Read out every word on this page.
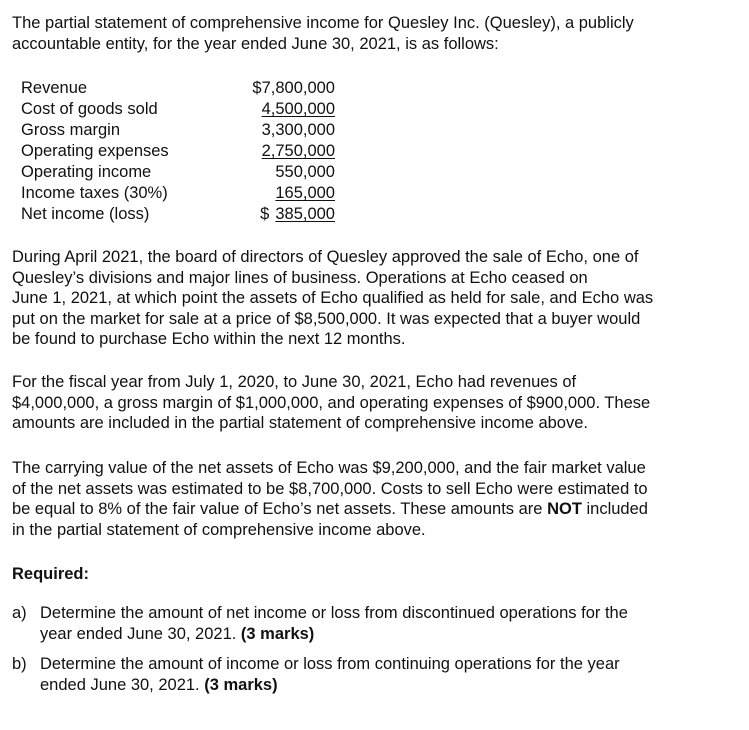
The partial statement of comprehensive income for Quesley Inc. (Quesley), a publicly
accountable entity, for the year ended June 30, 2021, is as follows:

Revenue	$7,800,000
Cost of goods sold	4,500,000
Gross margin	3,300,000
Operating expenses	2,750,000
Operating income	550,000
Income taxes (30%)	165,000
Net income (loss)	$ 385,000

During April 2021, the board of directors of Quesley approved the sale of Echo, one of
Quesley’s divisions and major lines of business. Operations at Echo ceased on
June 1, 2021, at which point the assets of Echo qualified as held for sale, and Echo was
put on the market for sale at a price of $8,500,000. It was expected that a buyer would
be found to purchase Echo within the next 12 months.

For the fiscal year from July 1, 2020, to June 30, 2021, Echo had revenues of
$4,000,000, a gross margin of $1,000,000, and operating expenses of $900,000. These
amounts are included in the partial statement of comprehensive income above.

The carrying value of the net assets of Echo was $9,200,000, and the fair market value
of the net assets was estimated to be $8,700,000. Costs to sell Echo were estimated to
be equal to 8% of the fair value of Echo’s net assets. These amounts are NOT included
in the partial statement of comprehensive income above.

Required:

a) Determine the amount of net income or loss from discontinued operations for the
year ended June 30, 2021. (3 marks)
b) Determine the amount of income or loss from continuing operations for the year
ended June 30, 2021. (3 marks)
